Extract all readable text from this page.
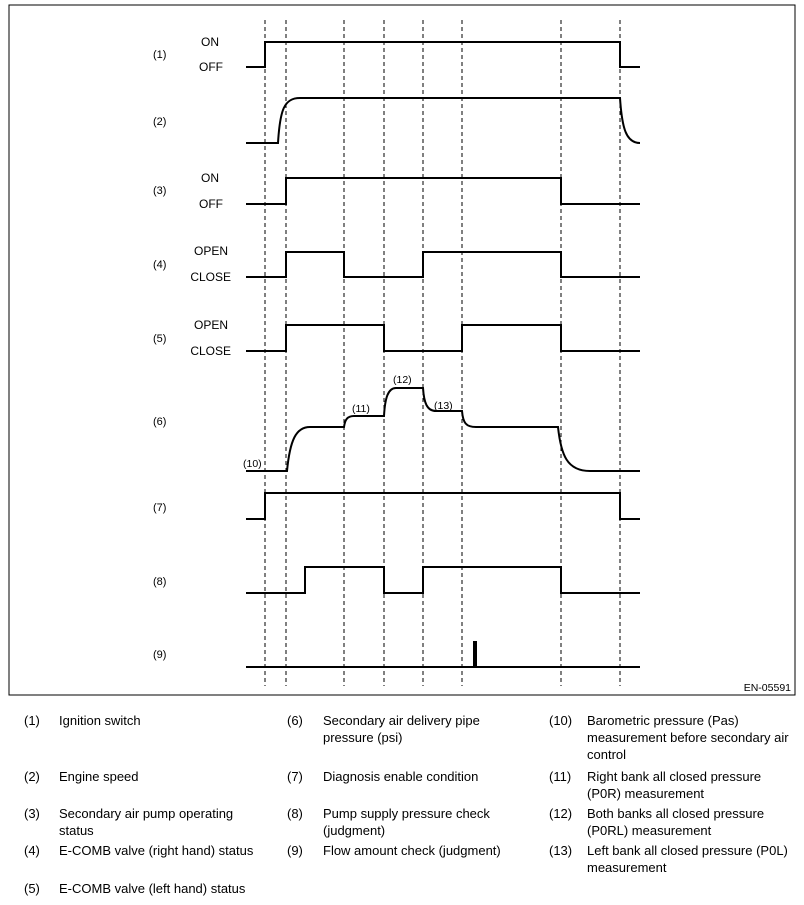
(1)
(2)
(3)
(4)
(5)
(6)
(7)
(8)
(9)
ON
OFF
ON
OFF
OPEN
CLOSE
OPEN
CLOSE
(10)
(11)
(12)
(13)
EN-05591
(1) Ignition switch
(2) Engine speed
(3) Secondary air pump operating status
(4) E-COMB valve (right hand) status
(5) E-COMB valve (left hand) status
(6) Secondary air delivery pipe pressure (psi)
(7) Diagnosis enable condition
(8) Pump supply pressure check (judgment)
(9) Flow amount check (judgment)
(10) Barometric pressure (Pas) measurement before secondary air control
(11) Right bank all closed pressure (P0R) measurement
(12) Both banks all closed pressure (P0RL) measurement
(13) Left bank all closed pressure (P0L) measurement
